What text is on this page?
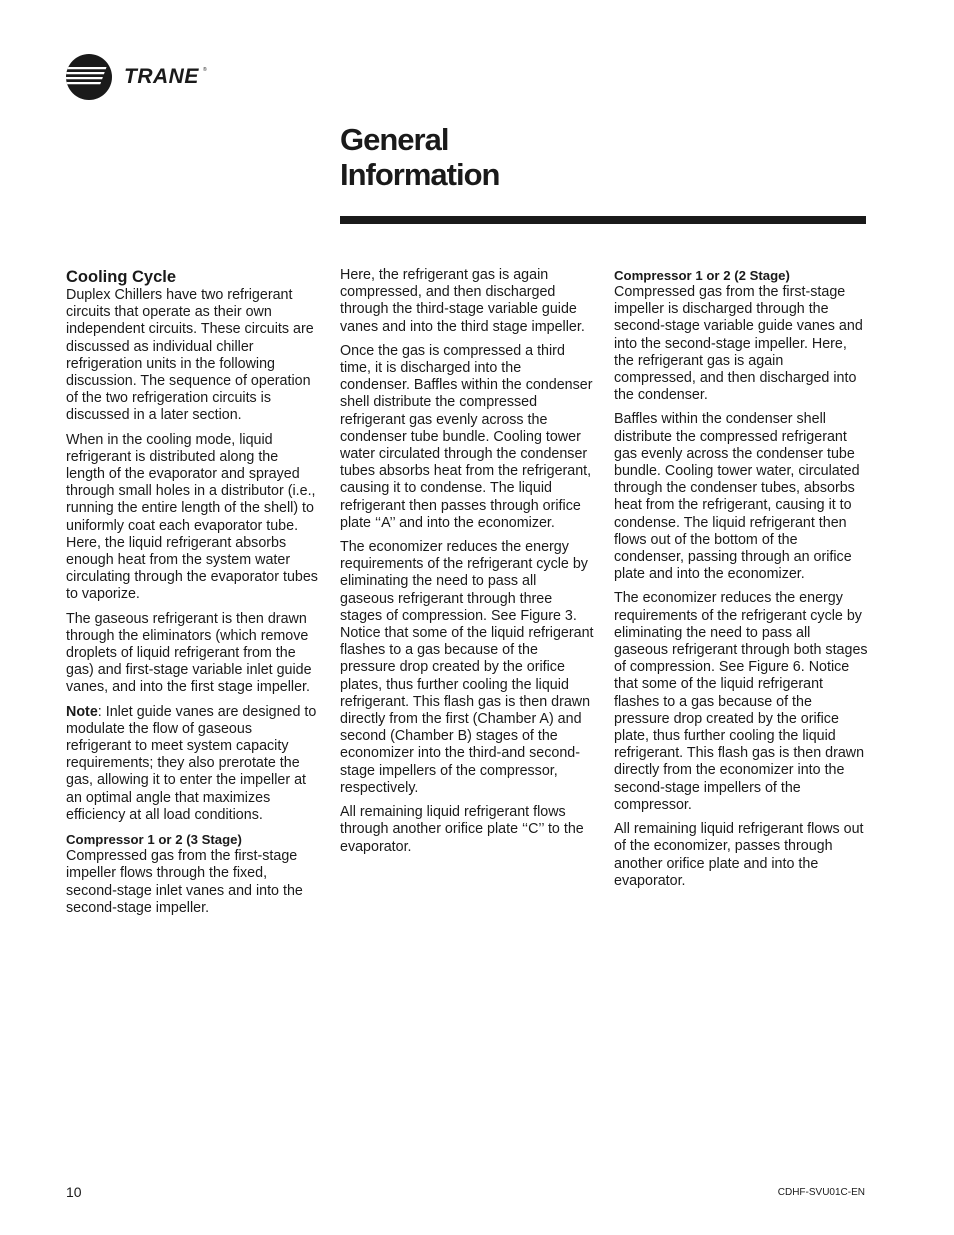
TRANE ®
General
Information
Cooling Cycle

Duplex Chillers have two refrigerant circuits that operate as their own independent circuits. These circuits are discussed as individual chiller refrigeration units in the following discussion. The sequence of operation of the two refrigeration circuits is discussed in a later section.

When in the cooling mode, liquid refrigerant is distributed along the length of the evaporator and sprayed through small holes in a distributor (i.e., running the entire length of the shell) to uniformly coat each evaporator tube. Here, the liquid refrigerant absorbs enough heat from the system water circulating through the evaporator tubes to vaporize.

The gaseous refrigerant is then drawn through the eliminators (which remove droplets of liquid refrigerant from the gas) and first-stage variable inlet guide vanes, and into the first stage impeller.

Note: Inlet guide vanes are designed to modulate the flow of gaseous refrigerant to meet system capacity requirements; they also prerotate the gas, allowing it to enter the impeller at an optimal angle that maximizes efficiency at all load conditions.

Compressor 1 or 2 (3 Stage)

Compressed gas from the first-stage impeller flows through the fixed, second-stage inlet vanes and into the second-stage impeller.

Here, the refrigerant gas is again compressed, and then discharged through the third-stage variable guide vanes and into the third stage impeller.

Once the gas is compressed a third time, it is discharged into the condenser. Baffles within the condenser shell distribute the compressed refrigerant gas evenly across the condenser tube bundle. Cooling tower water circulated through the condenser tubes absorbs heat from the refrigerant, causing it to condense. The liquid refrigerant then passes through orifice plate ‘‘A’’ and into the economizer.

The economizer reduces the energy requirements of the refrigerant cycle by eliminating the need to pass all gaseous refrigerant through three stages of compression. See Figure 3. Notice that some of the liquid refrigerant flashes to a gas because of the pressure drop created by the orifice plates, thus further cooling the liquid refrigerant. This flash gas is then drawn directly from the first (Chamber A) and second (Chamber B) stages of the economizer into the third-and second-stage impellers of the compressor, respectively.

All remaining liquid refrigerant flows through another orifice plate ‘‘C’’ to the evaporator.

Compressor 1 or 2 (2 Stage)

Compressed gas from the first-stage impeller is discharged through the second-stage variable guide vanes and into the second-stage impeller. Here, the refrigerant gas is again compressed, and then discharged into the condenser.

Baffles within the condenser shell distribute the compressed refrigerant gas evenly across the condenser tube bundle. Cooling tower water, circulated through the condenser tubes, absorbs heat from the refrigerant, causing it to condense. The liquid refrigerant then flows out of the bottom of the condenser, passing through an orifice plate and into the economizer.

The economizer reduces the energy requirements of the refrigerant cycle by eliminating the need to pass all gaseous refrigerant through both stages of compression. See Figure 6. Notice that some of the liquid refrigerant flashes to a gas because of the pressure drop created by the orifice plate, thus further cooling the liquid refrigerant. This flash gas is then drawn directly from the economizer into the second-stage impellers of the compressor.

All remaining liquid refrigerant flows out of the economizer, passes through another orifice plate and into the evaporator.

10	CDHF-SVU01C-EN
